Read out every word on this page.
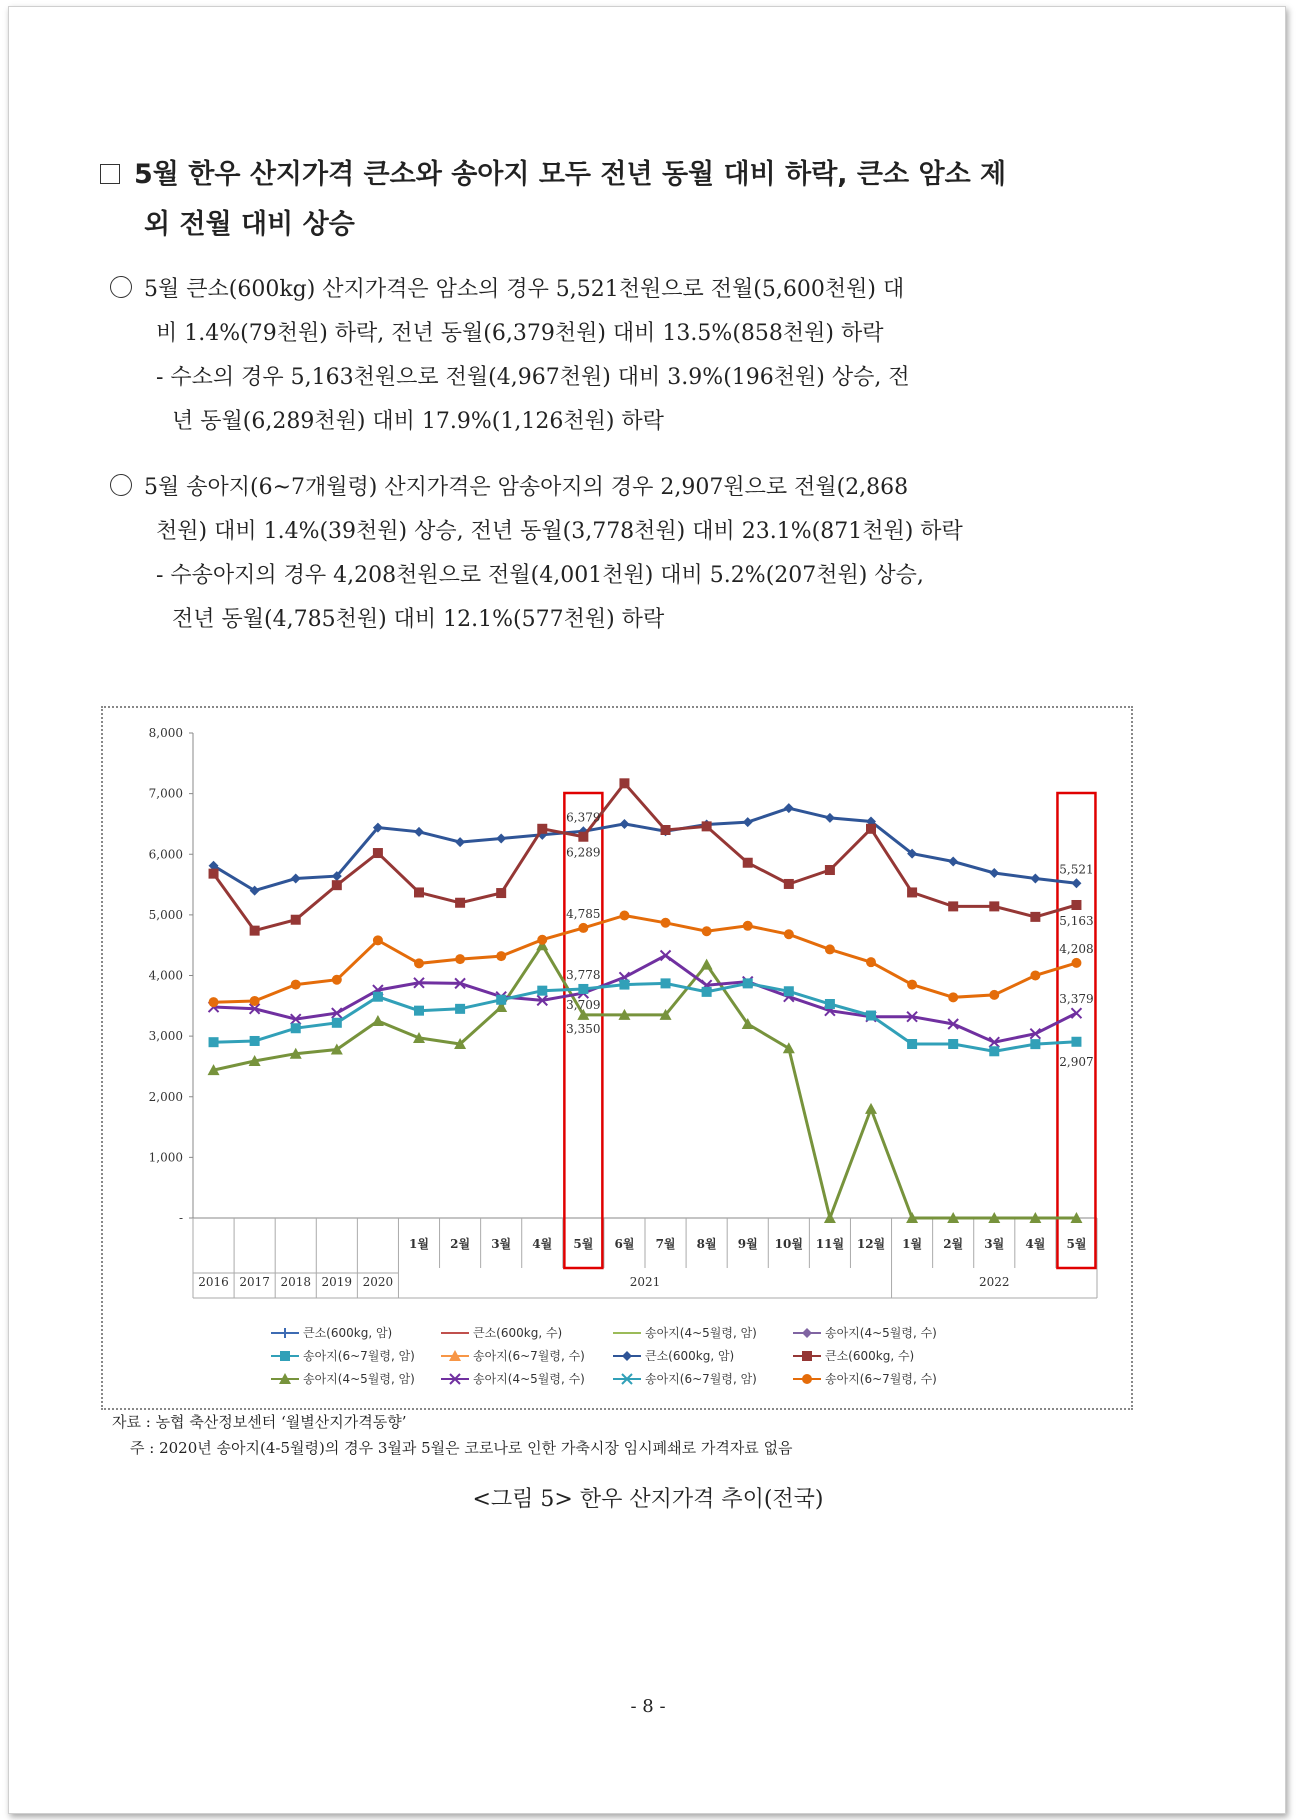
5월 한우 산지가격 큰소와 송아지 모두 전년 동월 대비 하락, 큰소 암소 제
외 전월 대비 상승
5월 큰소(600kg) 산지가격은 암소의 경우 5,521천원으로 전월(5,600천원) 대
비 1.4%(79천원) 하락, 전년 동월(6,379천원) 대비 13.5%(858천원) 하락
- 수소의 경우 5,163천원으로 전월(4,967천원) 대비 3.9%(196천원) 상승, 전
년 동월(6,289천원) 대비 17.9%(1,126천원) 하락
5월 송아지(6~7개월령) 산지가격은 암송아지의 경우 2,907원으로 전월(2,868
천원) 대비 1.4%(39천원) 상승, 전년 동월(3,778천원) 대비 23.1%(871천원) 하락
- 수송아지의 경우 4,208천원으로 전월(4,001천원) 대비 5.2%(207천원) 상승,
전년 동월(4,785천원) 대비 12.1%(577천원) 하락
8,000
7,000
6,000
5,000
4,000
3,000
2,000
1,000
-
2016 2017 2018 2019 2020
1월 2월 3월 4월 5월 6월 7월 8월 9월 10월 11월 12월 1월 2월 3월 4월 5월
2021	2022
6,379
6,289
4,785
3,778
3,709
3,350
5,521
5,163
4,208
3,379
2,907
큰소(600kg, 암)	큰소(600kg, 수)	송아지(4~5월령, 암)	송아지(4~5월령, 수)
송아지(6~7월령, 암)	송아지(6~7월령, 수)	큰소(600kg, 암)	큰소(600kg, 수)
송아지(4~5월령, 암)	송아지(4~5월령, 수)	송아지(6~7월령, 암)	송아지(6~7월령, 수)
자료 : 농협 축산정보센터 ‘월별산지가격동향’
주 : 2020년 송아지(4-5월령)의 경우 3월과 5월은 코로나로 인한 가축시장 임시폐쇄로 가격자료 없음
<그림 5> 한우 산지가격 추이(전국)
- 8 -
